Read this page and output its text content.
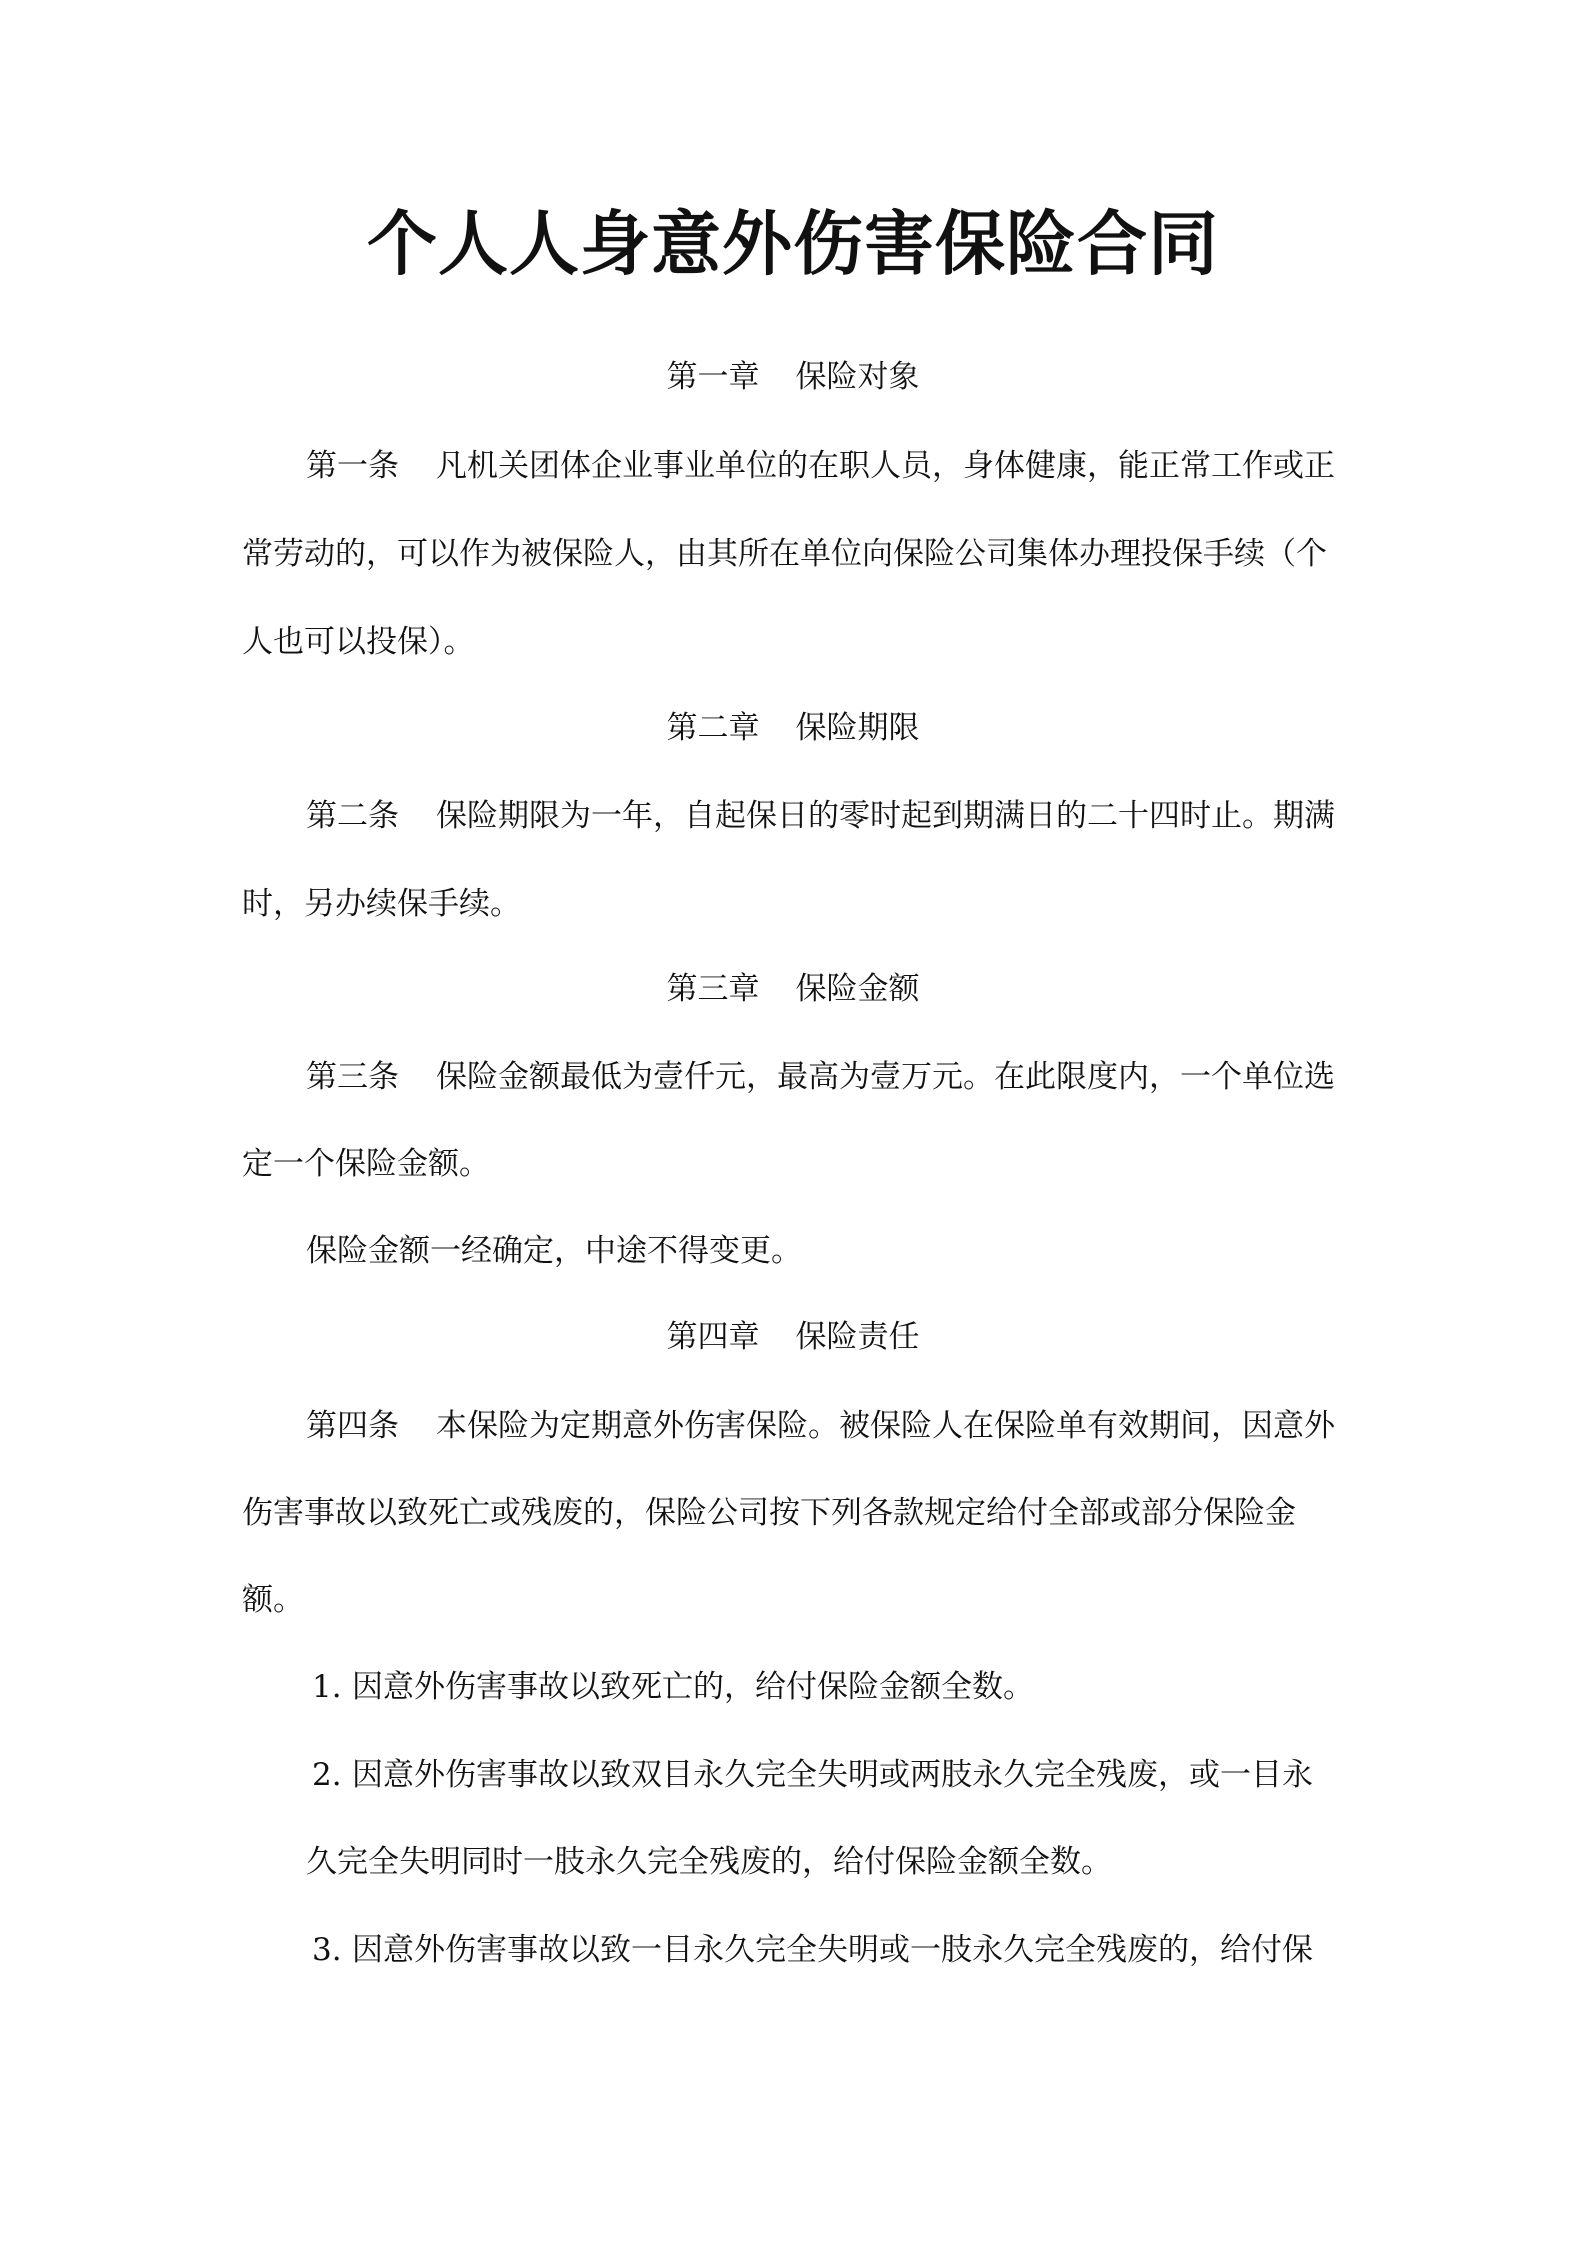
个人人身意外伤害保险合同
第一章 保险对象
第一条 凡机关团体企业事业单位的在职人员，身体健康，能正常工作或正
常劳动的，可以作为被保险人，由其所在单位向保险公司集体办理投保手续（个
人也可以投保）。
第二章 保险期限
第二条 保险期限为一年，自起保日的零时起到期满日的二十四时止。期满
时，另办续保手续。
第三章 保险金额
第三条 保险金额最低为壹仟元，最高为壹万元。在此限度内，一个单位选
定一个保险金额。
保险金额一经确定，中途不得变更。
第四章 保险责任
第四条 本保险为定期意外伤害保险。被保险人在保险单有效期间，因意外
伤害事故以致死亡或残废的，保险公司按下列各款规定给付全部或部分保险金
额。
1. 因意外伤害事故以致死亡的，给付保险金额全数。
2. 因意外伤害事故以致双目永久完全失明或两肢永久完全残废，或一目永
久完全失明同时一肢永久完全残废的，给付保险金额全数。
3. 因意外伤害事故以致一目永久完全失明或一肢永久完全残废的，给付保
